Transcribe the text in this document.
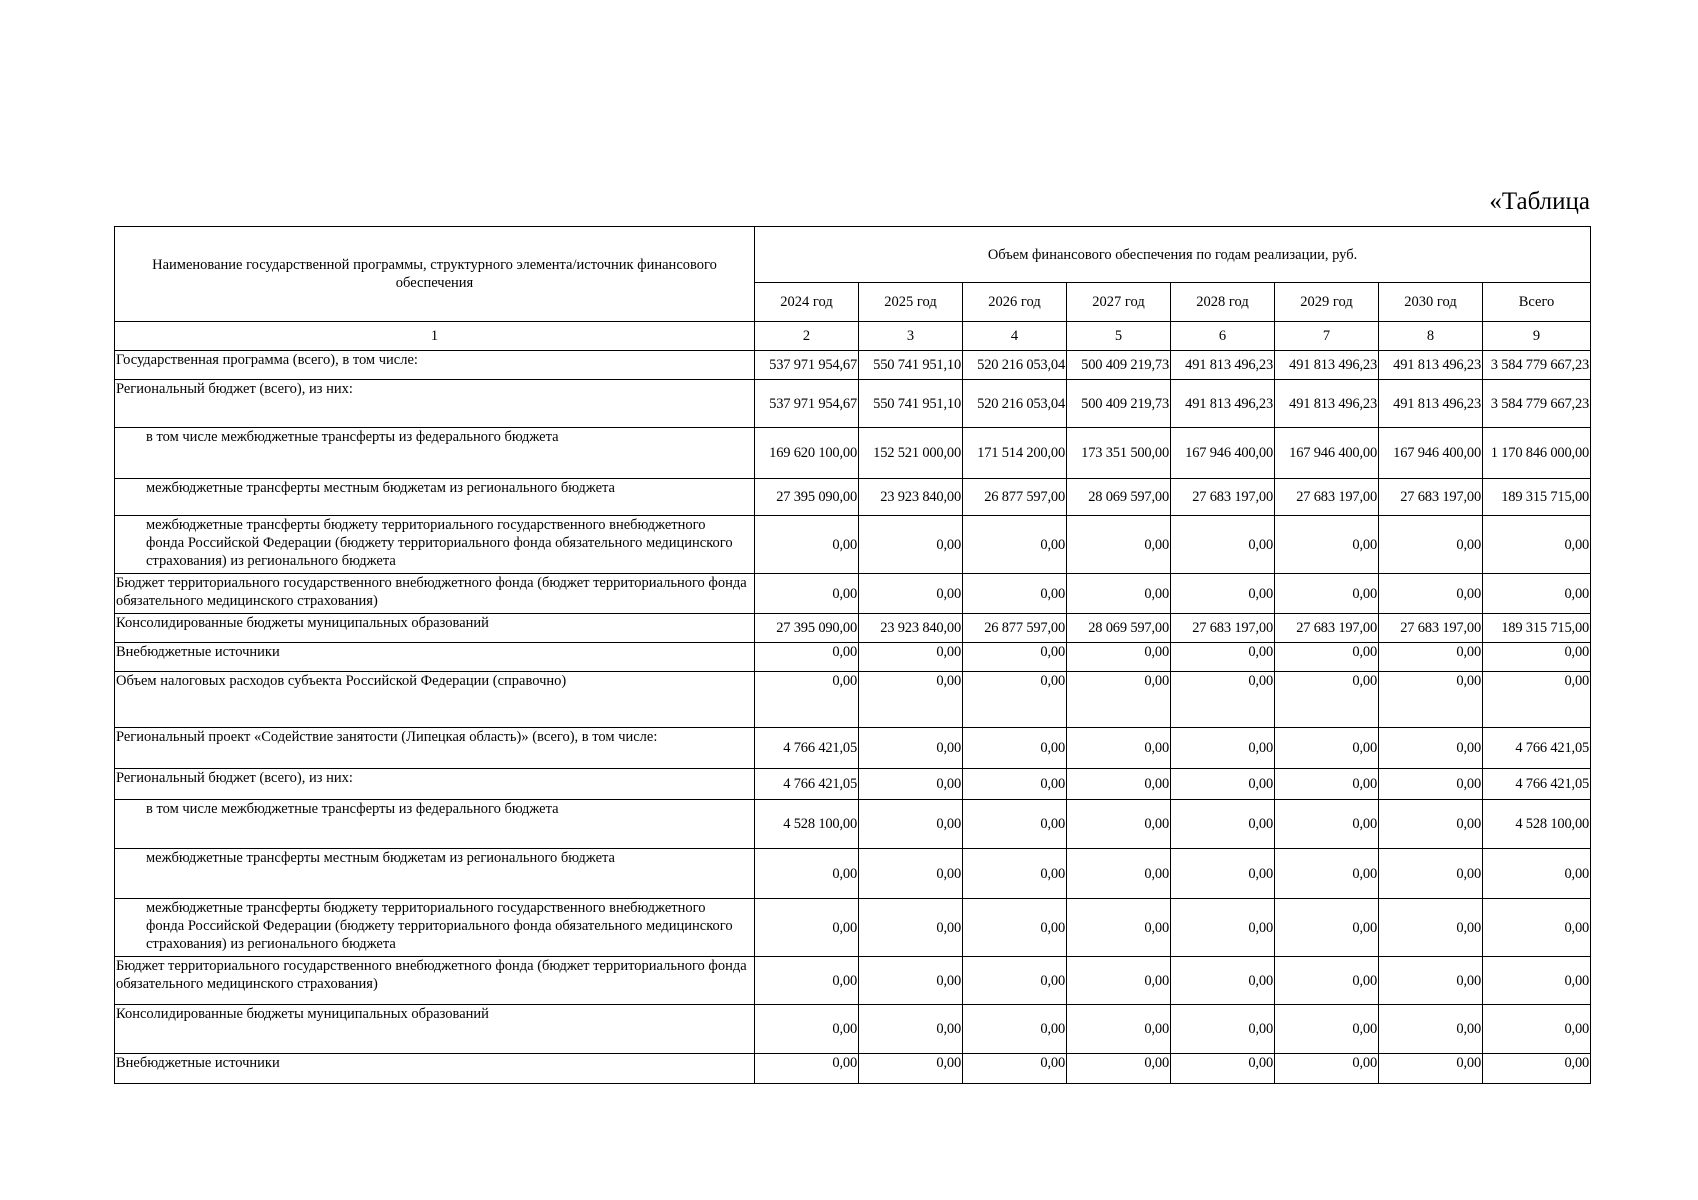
«Таблица
Наименование государственной программы, структурного элемента/источник финансового обеспечения	Объем финансового обеспечения по годам реализации, руб.							
	2024 год	2025 год	2026 год	2027 год	2028 год	2029 год	2030 год	Всего
1	2	3	4	5	6	7	8	9
Государственная программа (всего), в том числе:	537 971 954,67	550 741 951,10	520 216 053,04	500 409 219,73	491 813 496,23	491 813 496,23	491 813 496,23	3 584 779 667,23
Региональный бюджет (всего), из них:	537 971 954,67	550 741 951,10	520 216 053,04	500 409 219,73	491 813 496,23	491 813 496,23	491 813 496,23	3 584 779 667,23
в том числе межбюджетные трансферты из федерального бюджета	169 620 100,00	152 521 000,00	171 514 200,00	173 351 500,00	167 946 400,00	167 946 400,00	167 946 400,00	1 170 846 000,00
межбюджетные трансферты местным бюджетам из регионального бюджета	27 395 090,00	23 923 840,00	26 877 597,00	28 069 597,00	27 683 197,00	27 683 197,00	27 683 197,00	189 315 715,00
межбюджетные трансферты бюджету территориального государственного внебюджетного фонда Российской Федерации (бюджету территориального фонда обязательного медицинского страхования) из регионального бюджета	0,00	0,00	0,00	0,00	0,00	0,00	0,00	0,00
Бюджет территориального государственного внебюджетного фонда (бюджет территориального фонда обязательного медицинского страхования)	0,00	0,00	0,00	0,00	0,00	0,00	0,00	0,00
Консолидированные бюджеты муниципальных образований	27 395 090,00	23 923 840,00	26 877 597,00	28 069 597,00	27 683 197,00	27 683 197,00	27 683 197,00	189 315 715,00
Внебюджетные источники	0,00	0,00	0,00	0,00	0,00	0,00	0,00	0,00
Объем налоговых расходов субъекта Российской Федерации (справочно)	0,00	0,00	0,00	0,00	0,00	0,00	0,00	0,00
Региональный проект «Содействие занятости (Липецкая область)» (всего), в том числе:	4 766 421,05	0,00	0,00	0,00	0,00	0,00	0,00	4 766 421,05
Региональный бюджет (всего), из них:	4 766 421,05	0,00	0,00	0,00	0,00	0,00	0,00	4 766 421,05
в том числе межбюджетные трансферты из федерального бюджета	4 528 100,00	0,00	0,00	0,00	0,00	0,00	0,00	4 528 100,00
межбюджетные трансферты местным бюджетам из регионального бюджета	0,00	0,00	0,00	0,00	0,00	0,00	0,00	0,00
межбюджетные трансферты бюджету территориального государственного внебюджетного фонда Российской Федерации (бюджету территориального фонда обязательного медицинского страхования) из регионального бюджета	0,00	0,00	0,00	0,00	0,00	0,00	0,00	0,00
Бюджет территориального государственного внебюджетного фонда (бюджет территориального фонда обязательного медицинского страхования)	0,00	0,00	0,00	0,00	0,00	0,00	0,00	0,00
Консолидированные бюджеты муниципальных образований	0,00	0,00	0,00	0,00	0,00	0,00	0,00	0,00
Внебюджетные источники	0,00	0,00	0,00	0,00	0,00	0,00	0,00	0,00
